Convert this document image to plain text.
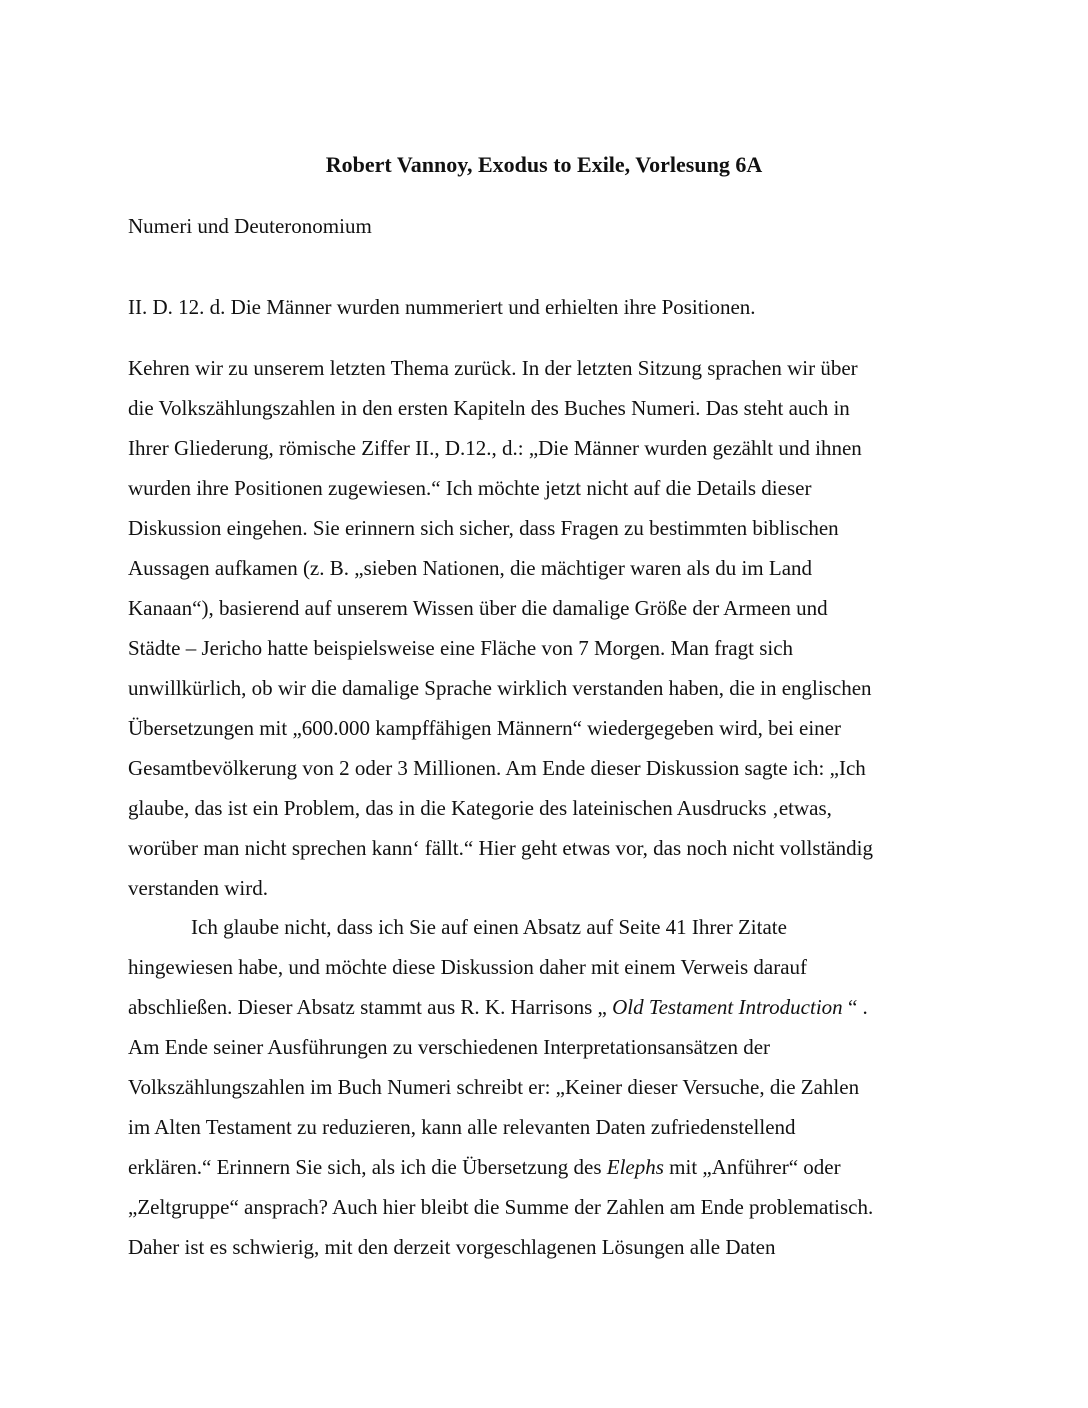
Robert Vannoy, Exodus to Exile, Vorlesung 6A
Numeri und Deuteronomium
II. D. 12. d. Die Männer wurden nummeriert und erhielten ihre Positionen.
Kehren wir zu unserem letzten Thema zurück. In der letzten Sitzung sprachen wir über
die Volkszählungszahlen in den ersten Kapiteln des Buches Numeri. Das steht auch in
Ihrer Gliederung, römische Ziffer II., D.12., d.: „Die Männer wurden gezählt und ihnen
wurden ihre Positionen zugewiesen.“ Ich möchte jetzt nicht auf die Details dieser
Diskussion eingehen. Sie erinnern sich sicher, dass Fragen zu bestimmten biblischen
Aussagen aufkamen (z. B. „sieben Nationen, die mächtiger waren als du im Land
Kanaan“), basierend auf unserem Wissen über die damalige Größe der Armeen und
Städte – Jericho hatte beispielsweise eine Fläche von 7 Morgen. Man fragt sich
unwillkürlich, ob wir die damalige Sprache wirklich verstanden haben, die in englischen
Übersetzungen mit „600.000 kampffähigen Männern“ wiedergegeben wird, bei einer
Gesamtbevölkerung von 2 oder 3 Millionen. Am Ende dieser Diskussion sagte ich: „Ich
glaube, das ist ein Problem, das in die Kategorie des lateinischen Ausdrucks ‚etwas,
worüber man nicht sprechen kann‘ fällt.“ Hier geht etwas vor, das noch nicht vollständig
verstanden wird.
Ich glaube nicht, dass ich Sie auf einen Absatz auf Seite 41 Ihrer Zitate
hingewiesen habe, und möchte diese Diskussion daher mit einem Verweis darauf
abschließen. Dieser Absatz stammt aus R. K. Harrisons „ Old Testament Introduction “ .
Am Ende seiner Ausführungen zu verschiedenen Interpretationsansätzen der
Volkszählungszahlen im Buch Numeri schreibt er: „Keiner dieser Versuche, die Zahlen
im Alten Testament zu reduzieren, kann alle relevanten Daten zufriedenstellend
erklären.“ Erinnern Sie sich, als ich die Übersetzung des Elephs mit „Anführer“ oder
„Zeltgruppe“ ansprach? Auch hier bleibt die Summe der Zahlen am Ende problematisch.
Daher ist es schwierig, mit den derzeit vorgeschlagenen Lösungen alle Daten
